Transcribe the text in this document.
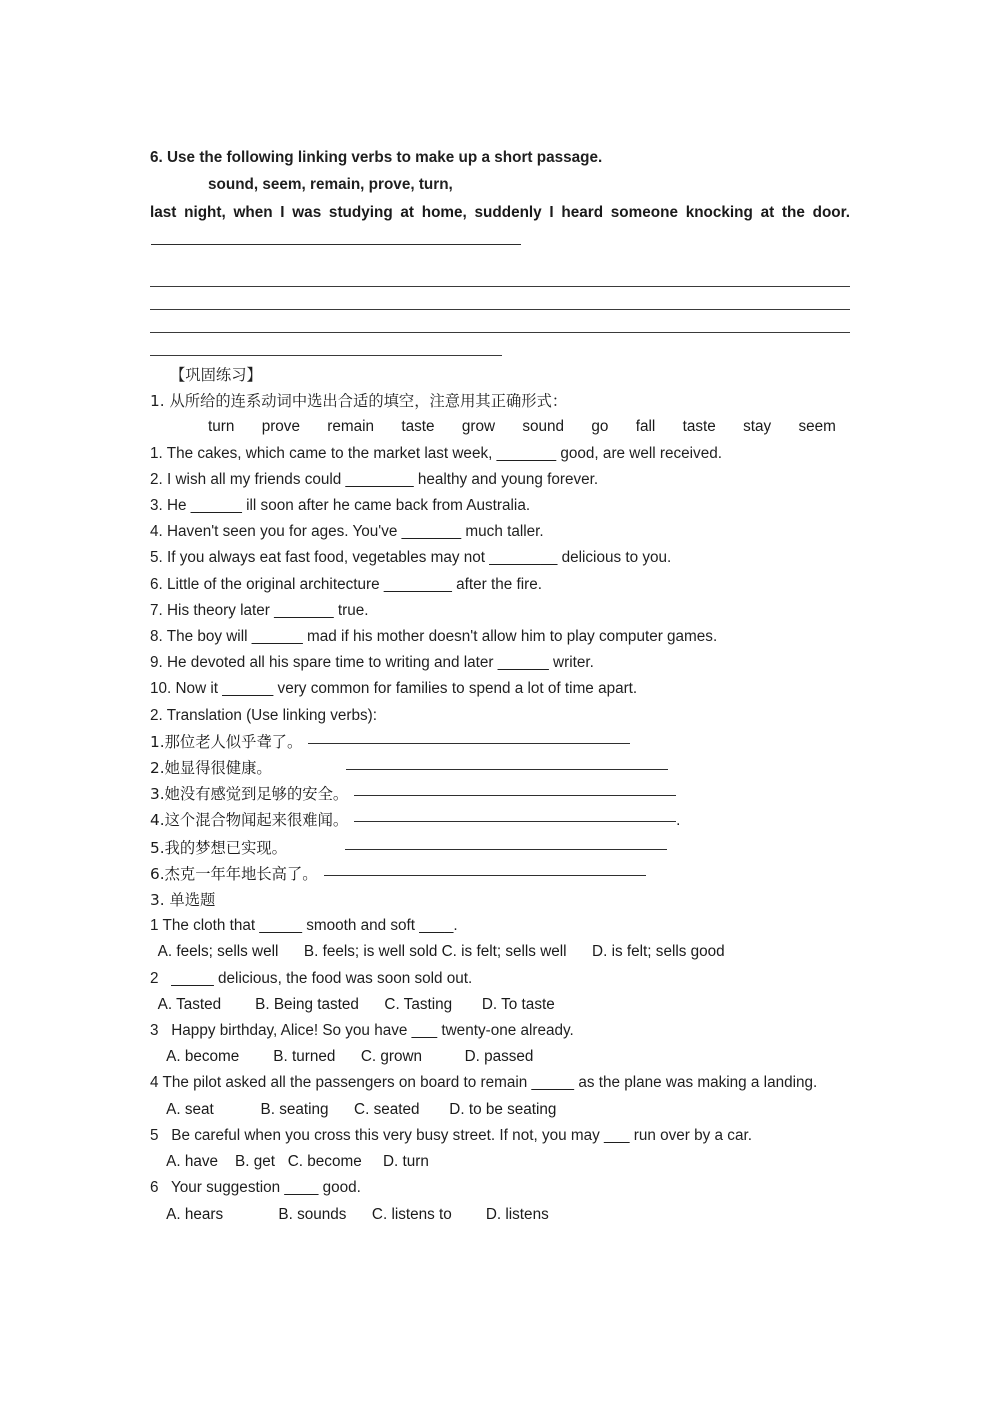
6. Use the following linking verbs to make up a short passage.
sound, seem, remain, prove, turn,
last night, when I was studying at home, suddenly I heard someone knocking at the door.
【巩固练习】
1. 从所给的连系动词中选出合适的填空，注意用其正确形式：
turn prove remain taste grow sound go fall taste stay seem
1. The cakes, which came to the market last week, _______ good, are well received.
2. I wish all my friends could ________ healthy and young forever.
3. He ______ ill soon after he came back from Australia.
4. Haven't seen you for ages. You've _______ much taller.
5. If you always eat fast food, vegetables may not ________ delicious to you.
6. Little of the original architecture ________ after the fire.
7. His theory later _______ true.
8. The boy will ______ mad if his mother doesn't allow him to play computer games.
9. He devoted all his spare time to writing and later ______ writer.
10. Now it ______ very common for families to spend a lot of time apart.
2. Translation (Use linking verbs):
1.那位老人似乎聋了。
2.她显得很健康。
3.她没有感觉到足够的安全。
4.这个混合物闻起来很难闻。	.
5.我的梦想已实现。
6.杰克一年年地长高了。
3. 单选题
1 The cloth that _____ smooth and soft ____.
A. feels; sells well      B. feels; is well sold C. is felt; sells well      D. is felt; sells good
2   _____ delicious, the food was soon sold out.
A. Tasted        B. Being tasted      C. Tasting       D. To taste
3   Happy birthday, Alice! So you have ___ twenty-one already.
A. become        B. turned      C. grown          D. passed
4 The pilot asked all the passengers on board to remain _____ as the plane was making a landing.
A. seat           B. seating      C. seated       D. to be seating
5   Be careful when you cross this very busy street. If not, you may ___ run over by a car.
A. have    B. get   C. become     D. turn
6   Your suggestion ____ good.
A. hears             B. sounds      C. listens to        D. listens
